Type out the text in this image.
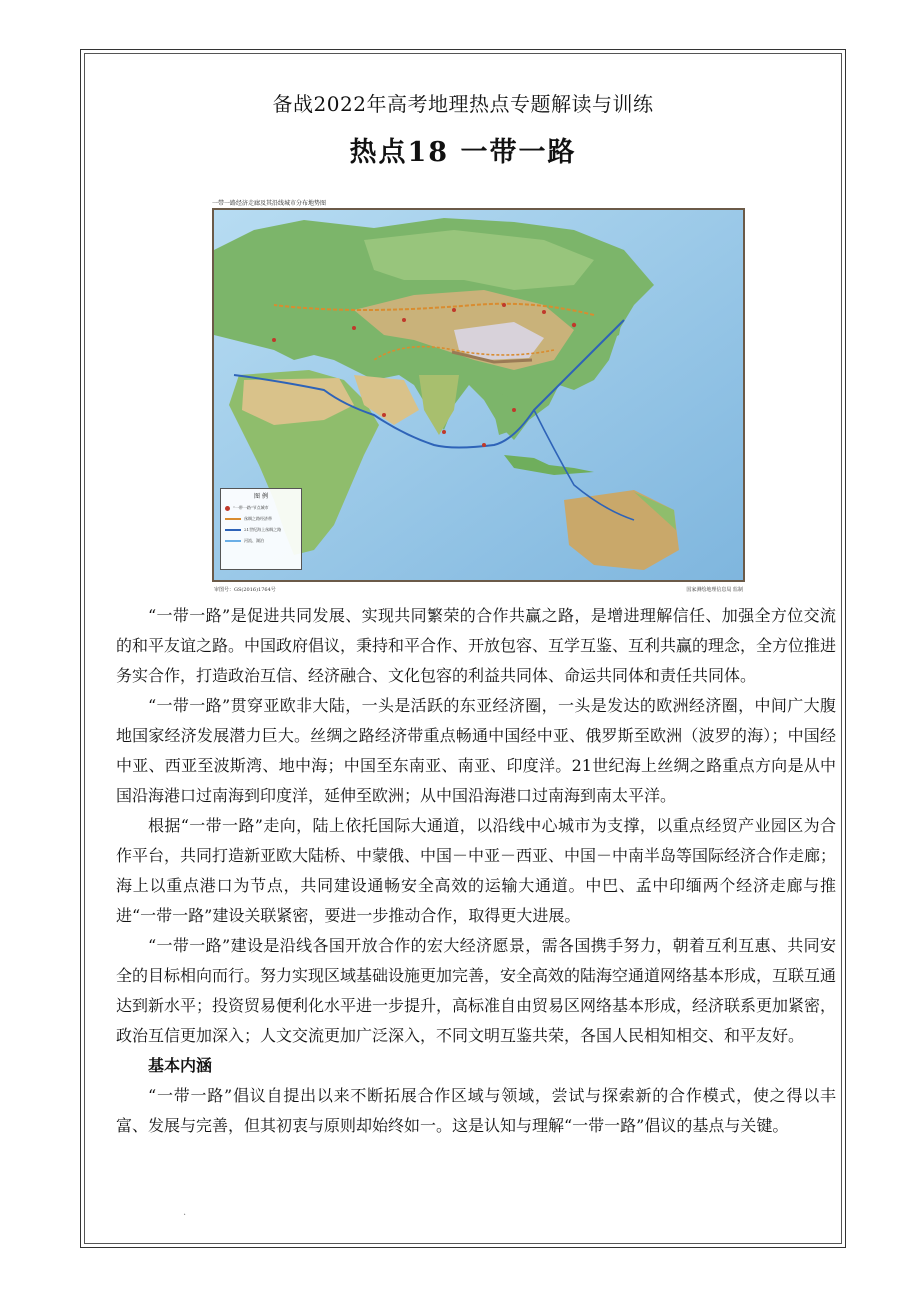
备战2022年高考地理热点专题解读与训练
热点18 一带一路
一带一路经济走廊及其沿线城市分布地势图
图 例
"一带一路"节点城市
丝绸之路经济带
21世纪海上丝绸之路
河流、湖泊
审图号：GS(2016)1764号	国家测绘地理信息局 监制

“一带一路”是促进共同发展、实现共同繁荣的合作共赢之路，是增进理解信任、加强全方位交流的和平友谊之路。中国政府倡议，秉持和平合作、开放包容、互学互鉴、互利共赢的理念，全方位推进务实合作，打造政治互信、经济融合、文化包容的利益共同体、命运共同体和责任共同体。

“一带一路”贯穿亚欧非大陆，一头是活跃的东亚经济圈，一头是发达的欧洲经济圈，中间广大腹地国家经济发展潜力巨大。丝绸之路经济带重点畅通中国经中亚、俄罗斯至欧洲（波罗的海）；中国经中亚、西亚至波斯湾、地中海；中国至东南亚、南亚、印度洋。21世纪海上丝绸之路重点方向是从中国沿海港口过南海到印度洋，延伸至欧洲；从中国沿海港口过南海到南太平洋。

根据“一带一路”走向，陆上依托国际大通道，以沿线中心城市为支撑，以重点经贸产业园区为合作平台，共同打造新亚欧大陆桥、中蒙俄、中国－中亚－西亚、中国－中南半岛等国际经济合作走廊；海上以重点港口为节点，共同建设通畅安全高效的运输大通道。中巴、孟中印缅两个经济走廊与推进“一带一路”建设关联紧密，要进一步推动合作，取得更大进展。

“一带一路”建设是沿线各国开放合作的宏大经济愿景，需各国携手努力，朝着互利互惠、共同安全的目标相向而行。努力实现区域基础设施更加完善，安全高效的陆海空通道网络基本形成，互联互通达到新水平；投资贸易便利化水平进一步提升，高标准自由贸易区网络基本形成，经济联系更加紧密，政治互信更加深入；人文交流更加广泛深入，不同文明互鉴共荣，各国人民相知相交、和平友好。

基本内涵

“一带一路”倡议自提出以来不断拓展合作区域与领域，尝试与探索新的合作模式，使之得以丰富、发展与完善，但其初衷与原则却始终如一。这是认知与理解“一带一路”倡议的基点与关键。

.
